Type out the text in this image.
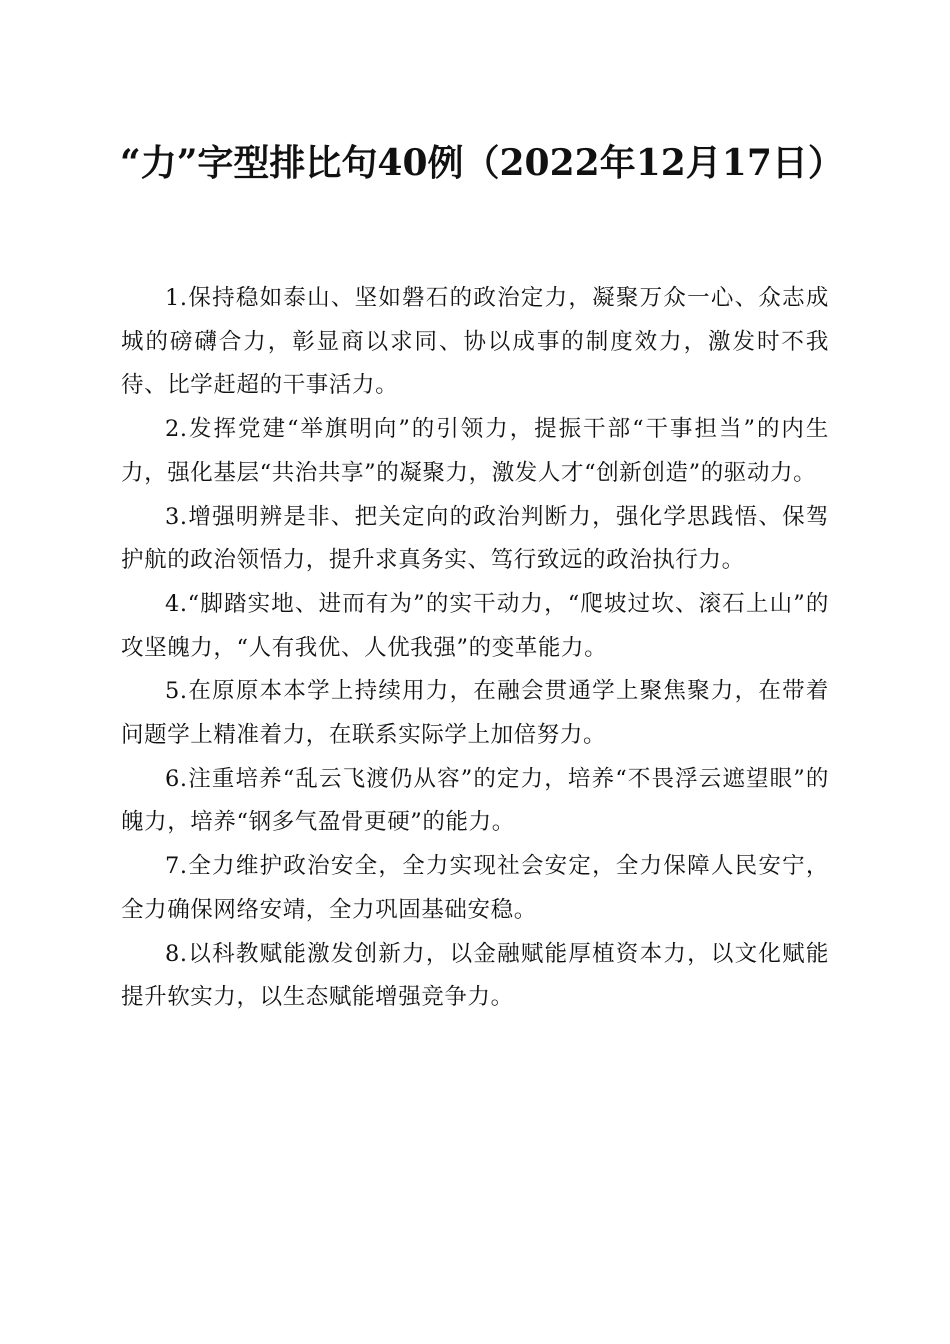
“力”字型排比句40例（2022年12月17日）

1.保持稳如泰山、坚如磐石的政治定力，凝聚万众一心、众志成城的磅礴合力，彰显商以求同、协以成事的制度效力，激发时不我待、比学赶超的干事活力。

2.发挥党建“举旗明向”的引领力，提振干部“干事担当”的内生力，强化基层“共治共享”的凝聚力，激发人才“创新创造”的驱动力。

3.增强明辨是非、把关定向的政治判断力，强化学思践悟、保驾护航的政治领悟力，提升求真务实、笃行致远的政治执行力。

4.“脚踏实地、进而有为”的实干动力，“爬坡过坎、滚石上山”的攻坚魄力，“人有我优、人优我强”的变革能力。

5.在原原本本学上持续用力，在融会贯通学上聚焦聚力，在带着问题学上精准着力，在联系实际学上加倍努力。

6.注重培养“乱云飞渡仍从容”的定力，培养“不畏浮云遮望眼”的魄力，培养“钢多气盈骨更硬”的能力。

7.全力维护政治安全，全力实现社会安定，全力保障人民安宁，全力确保网络安靖，全力巩固基础安稳。

8.以科教赋能激发创新力，以金融赋能厚植资本力，以文化赋能提升软实力，以生态赋能增强竞争力。
